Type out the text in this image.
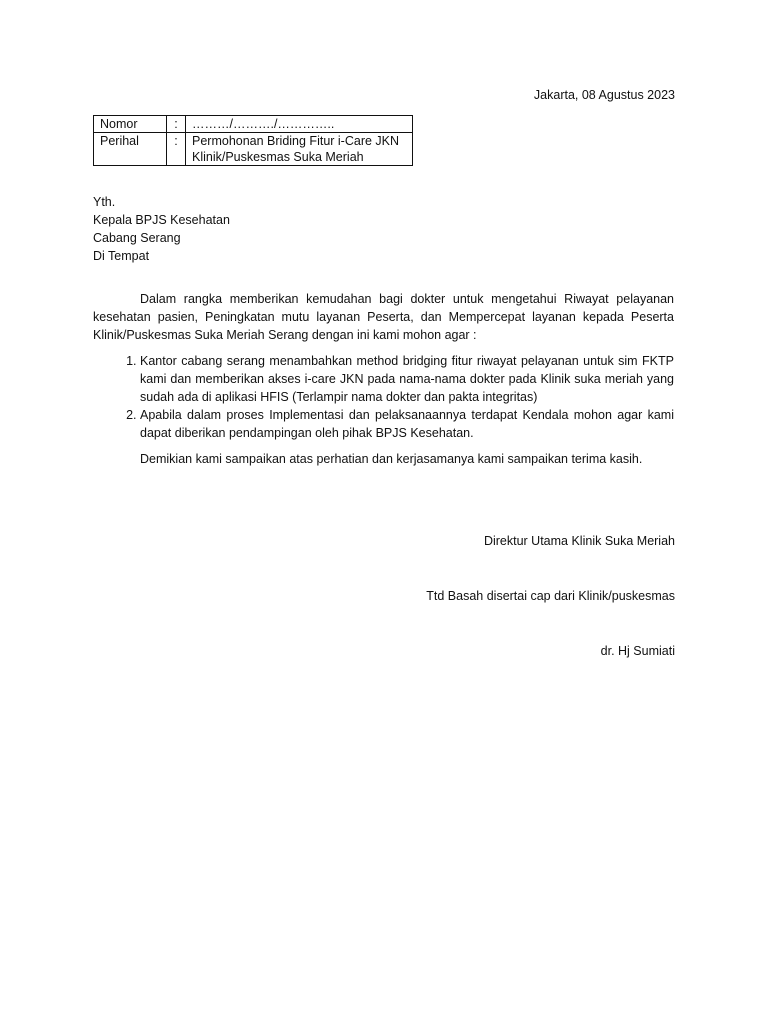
Jakarta, 08 Agustus 2023
Nomor	:	………/………./…………..
Perihal	:	Permohonan Briding Fitur i-Care JKN Klinik/Puskesmas Suka Meriah
Yth.
Kepala BPJS Kesehatan
Cabang Serang
Di Tempat

Dalam rangka memberikan kemudahan bagi dokter untuk mengetahui Riwayat pelayanan kesehatan pasien, Peningkatan mutu layanan Peserta, dan Mempercepat layanan kepada Peserta Klinik/Puskesmas Suka Meriah Serang dengan ini kami mohon agar :

1. Kantor cabang serang menambahkan method bridging fitur riwayat pelayanan untuk sim FKTP kami dan memberikan akses i-care JKN pada nama-nama dokter pada Klinik suka meriah yang sudah ada di aplikasi HFIS (Terlampir nama dokter dan pakta integritas)
2. Apabila dalam proses Implementasi dan pelaksanaannya terdapat Kendala mohon agar kami dapat diberikan pendampingan oleh pihak BPJS Kesehatan.

Demikian kami sampaikan atas perhatian dan kerjasamanya kami sampaikan terima kasih.

Direktur Utama Klinik Suka Meriah
Ttd Basah disertai cap dari Klinik/puskesmas
dr. Hj Sumiati
